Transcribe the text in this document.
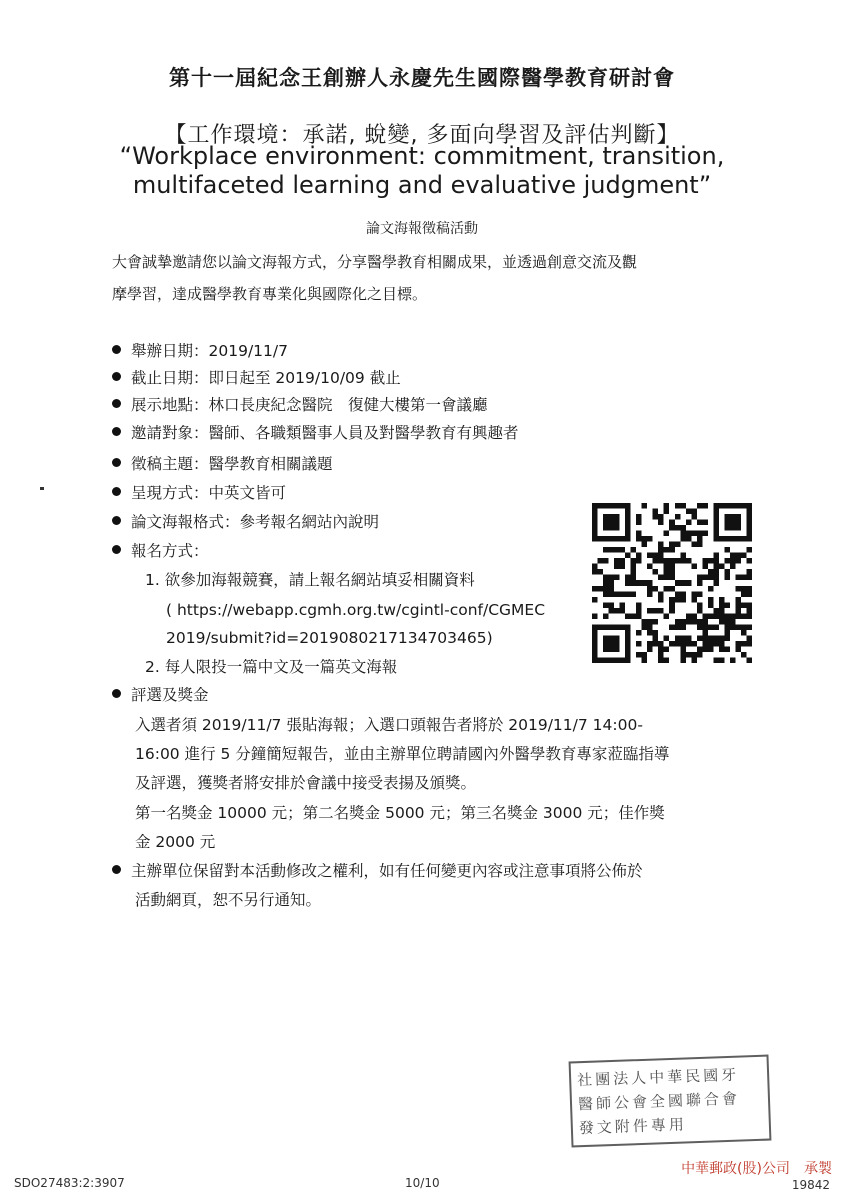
第十一屆紀念王創辦人永慶先生國際醫學教育研討會
【工作環境：承諾, 蛻變, 多面向學習及評估判斷】
“Workplace environment: commitment, transition,
multifaceted learning and evaluative judgment”
論文海報徵稿活動
大會誠摯邀請您以論文海報方式，分享醫學教育相關成果，並透過創意交流及觀
摩學習，達成醫學教育專業化與國際化之目標。
舉辦日期：2019/11/7
截止日期：即日起至 2019/10/09 截止
展示地點：林口長庚紀念醫院　復健大樓第一會議廳
邀請對象：醫師、各職類醫事人員及對醫學教育有興趣者
徵稿主題：醫學教育相關議題
呈現方式：中英文皆可
論文海報格式：參考報名網站內說明
報名方式：
1. 欲參加海報競賽，請上報名網站填妥相關資料
( https://webapp.cgmh.org.tw/cgintl-conf/CGMEC
2019/submit?id=2019080217134703465)
2. 每人限投一篇中文及一篇英文海報
評選及獎金
入選者須 2019/11/7 張貼海報；入選口頭報告者將於 2019/11/7 14:00-
16:00 進行 5 分鐘簡短報告，並由主辦單位聘請國內外醫學教育專家蒞臨指導
及評選，獲獎者將安排於會議中接受表揚及頒獎。
第一名獎金 10000 元；第二名獎金 5000 元；第三名獎金 3000 元；佳作獎
金 2000 元
主辦單位保留對本活動修改之權利，如有任何變更內容或注意事項將公佈於
活動網頁，恕不另行通知。
社團法人中華民國牙
醫師公會全國聯合會
發文附件專用
SDO27483:2:3907	10/10
中華郵政(股)公司　承製
19842
